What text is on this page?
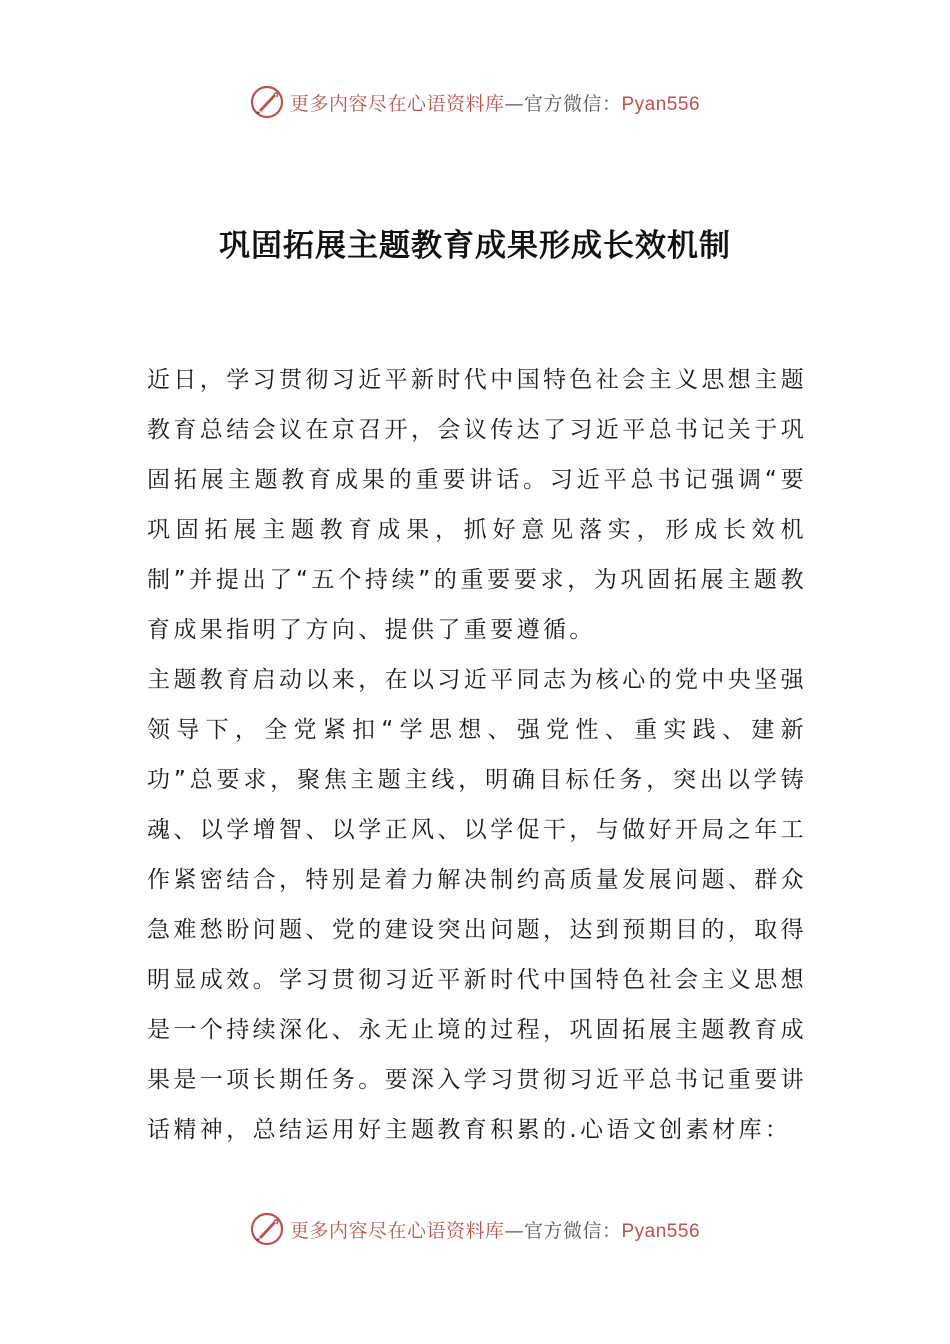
更多内容尽在心语资料库—官方微信：Pyan556
巩固拓展主题教育成果形成长效机制

近日，学习贯彻习近平新时代中国特色社会主义思想主题教育总结会议在京召开，会议传达了习近平总书记关于巩固拓展主题教育成果的重要讲话。习近平总书记强调“要巩固拓展主题教育成果，抓好意见落实，形成长效机制”并提出了“五个持续”的重要要求，为巩固拓展主题教育成果指明了方向、提供了重要遵循。

主题教育启动以来，在以习近平同志为核心的党中央坚强领导下，全党紧扣“学思想、强党性、重实践、建新功”总要求，聚焦主题主线，明确目标任务，突出以学铸魂、以学增智、以学正风、以学促干，与做好开局之年工作紧密结合，特别是着力解决制约高质量发展问题、群众急难愁盼问题、党的建设突出问题，达到预期目的，取得明显成效。学习贯彻习近平新时代中国特色社会主义思想是一个持续深化、永无止境的过程，巩固拓展主题教育成果是一项长期任务。要深入学习贯彻习近平总书记重要讲话精神，总结运用好主题教育积累的.心语文创素材库：

更多内容尽在心语资料库—官方微信：Pyan556
